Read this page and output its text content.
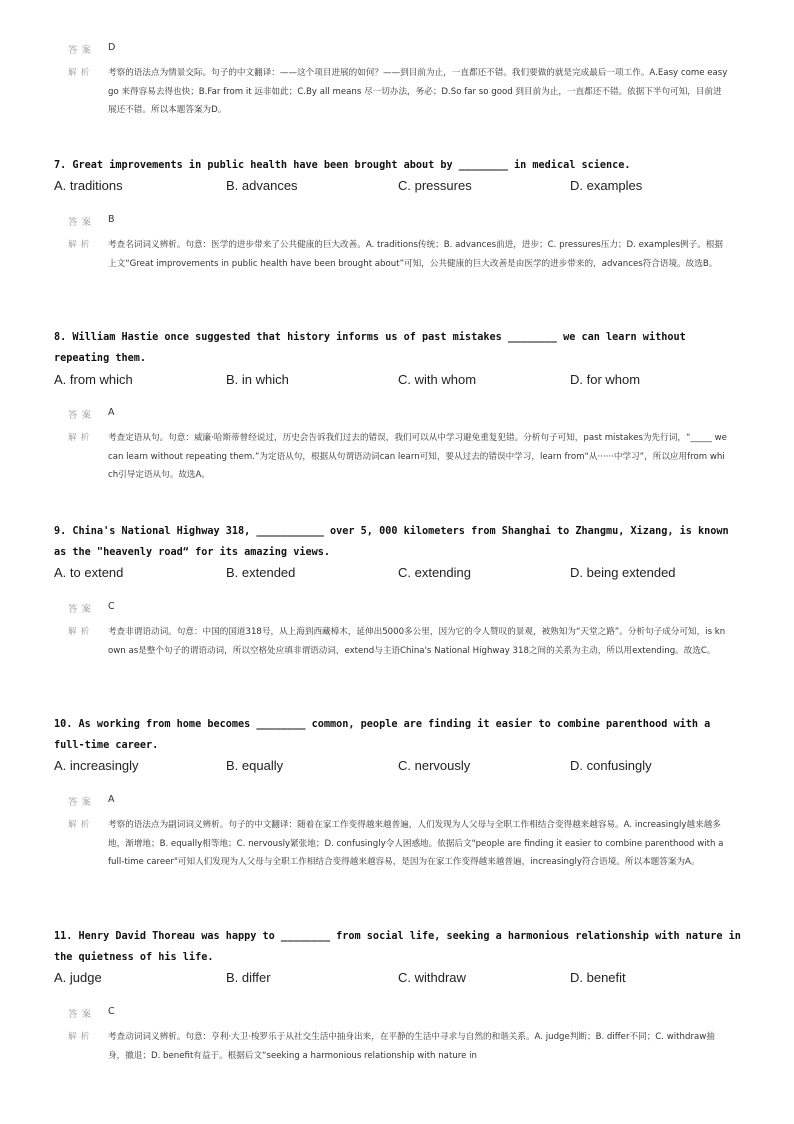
答案 D
解析 考察的语法点为情景交际。句子的中文翻译：——这个项目进展的如何？——到目前为止，一直都还不错。我们要做的就是完成最后一项工作。A.Easy come easy go 来得容易去得也快；B.Far from it 远非如此；C.By all means 尽一切办法，务必；D.So far so good 到目前为止，一直都还不错。依据下半句可知，目前进展还不错。所以本题答案为D。
7. Great improvements in public health have been brought about by ________ in medical science.
A. traditions	B. advances	C. pressures	D. examples
答案 B
解析 考查名词词义辨析。句意：医学的进步带来了公共健康的巨大改善。A. traditions传统；B. advances前进，进步；C. pressures压力；D. examples例子。根据上文“Great improvements in public health have been brought about”可知，公共健康的巨大改善是由医学的进步带来的，advances符合语境。故选B。
8. William Hastie once suggested that history informs us of past mistakes ________ we can learn without repeating them.
A. from which	B. in which	C. with whom	D. for whom
答案 A
解析 考查定语从句。句意：威廉·哈斯蒂曾经说过，历史会告诉我们过去的错误，我们可以从中学习避免重复犯错。分析句子可知，past mistakes为先行词，“_____ we can learn without repeating them.”为定语从句，根据从句谓语动词can learn可知，要从过去的错误中学习，learn from“从······中学习”，所以应用from which引导定语从句。故选A。
9. China's National Highway 318, ___________ over 5, 000 kilometers from Shanghai to Zhangmu, Xizang, is known as the "heavenly road“ for its amazing views.
A. to extend	B. extended	C. extending	D. being extended
答案 C
解析 考查非谓语动词。句意：中国的国道318号，从上海到西藏樟木，延伸出5000多公里，因为它的令人赞叹的景观，被熟知为“天堂之路”。分析句子成分可知，is known as是整个句子的谓语动词，所以空格处应填非谓语动词，extend与主语China's National Highway 318之间的关系为主动，所以用extending。故选C。
10. As working from home becomes ________ common, people are finding it easier to combine parenthood with a full-time career.
A. increasingly	B. equally	C. nervously	D. confusingly
答案 A
解析 考察的语法点为副词词义辨析。句子的中文翻译：随着在家工作变得越来越普遍，人们发现为人父母与全职工作相结合变得越来越容易。A. increasingly越来越多地，渐增地；B. equally相等地；C. nervously紧张地；D. confusingly令人困惑地。依据后文"people are finding it easier to combine parenthood with a full-time career"可知人们发现为人父母与全职工作相结合变得越来越容易，是因为在家工作变得越来越普遍，increasingly符合语境。所以本题答案为A。
11. Henry David Thoreau was happy to ________ from social life, seeking a harmonious relationship with nature in the quietness of his life.
A. judge	B. differ	C. withdraw	D. benefit
答案 C
解析 考查动词词义辨析。句意：亨利·大卫·梭罗乐于从社交生活中抽身出来，在平静的生活中寻求与自然的和谐关系。A. judge判断；B. differ不同；C. withdraw抽身，撤退；D. benefit有益于。根据后文“seeking a harmonious relationship with nature in
